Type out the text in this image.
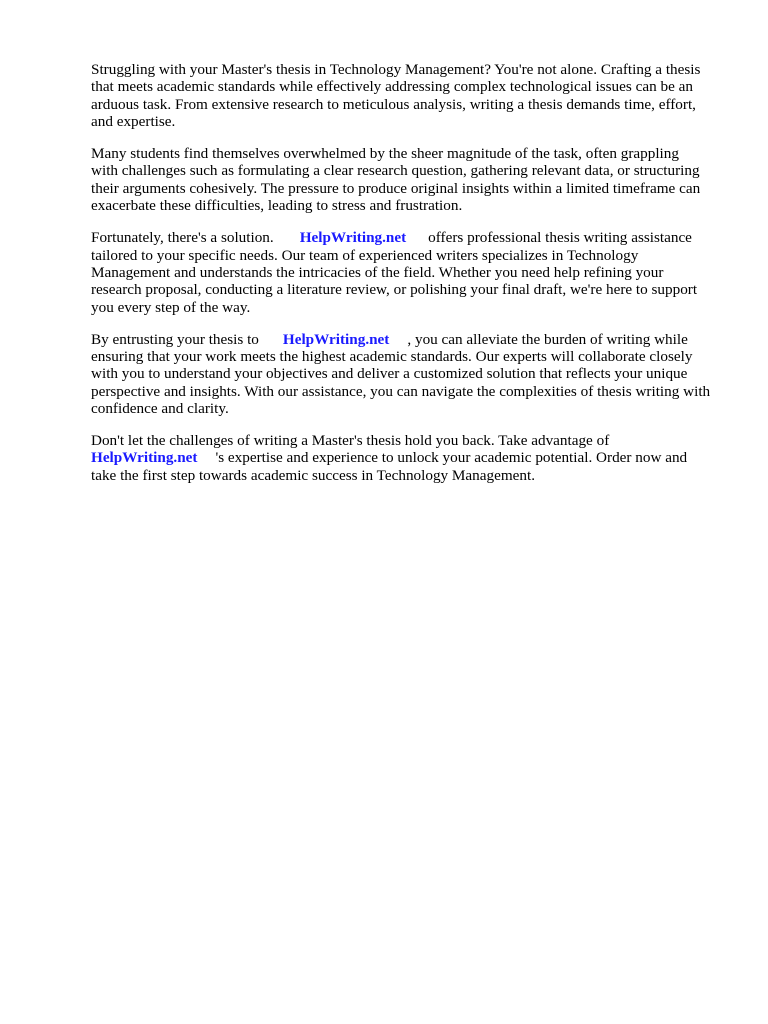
Struggling with your Master's thesis in Technology Management? You're not alone. Crafting a thesis
that meets academic standards while effectively addressing complex technological issues can be an
arduous task. From extensive research to meticulous analysis, writing a thesis demands time, effort,
and expertise.

Many students find themselves overwhelmed by the sheer magnitude of the task, often grappling
with challenges such as formulating a clear research question, gathering relevant data, or structuring
their arguments cohesively. The pressure to produce original insights within a limited timeframe can
exacerbate these difficulties, leading to stress and frustration.

Fortunately, there's a solution. HelpWriting.net offers professional thesis writing assistance
tailored to your specific needs. Our team of experienced writers specializes in Technology
Management and understands the intricacies of the field. Whether you need help refining your
research proposal, conducting a literature review, or polishing your final draft, we're here to support
you every step of the way.

By entrusting your thesis to HelpWriting.net , you can alleviate the burden of writing while
ensuring that your work meets the highest academic standards. Our experts will collaborate closely
with you to understand your objectives and deliver a customized solution that reflects your unique
perspective and insights. With our assistance, you can navigate the complexities of thesis writing with
confidence and clarity.

Don't let the challenges of writing a Master's thesis hold you back. Take advantage of
HelpWriting.net 's expertise and experience to unlock your academic potential. Order now and
take the first step towards academic success in Technology Management.
